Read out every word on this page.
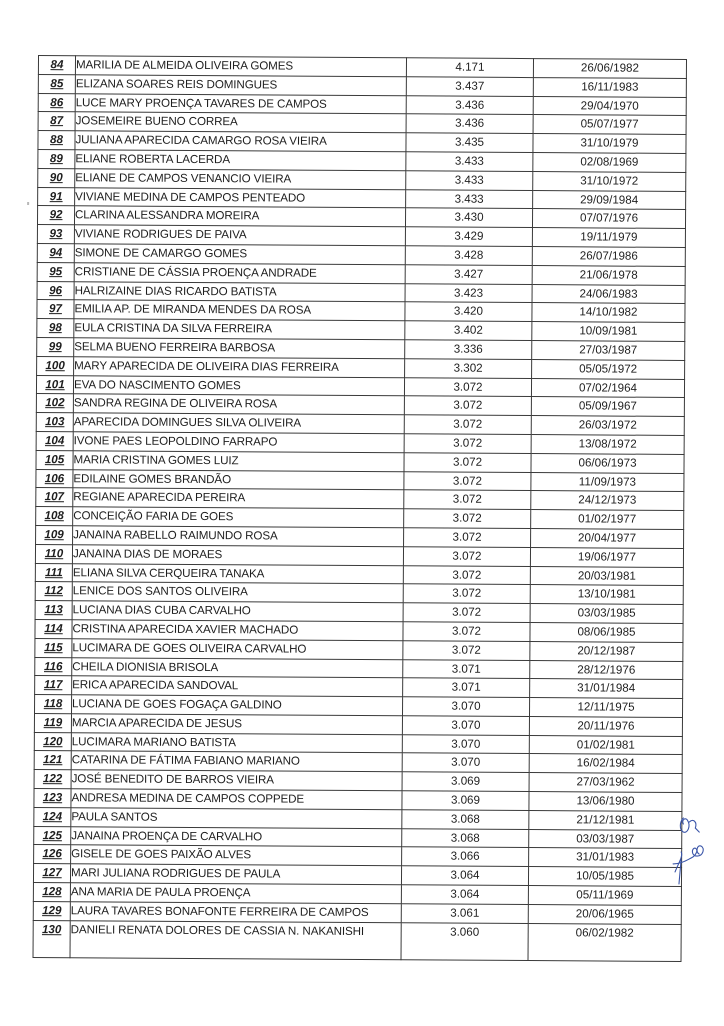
84	MARILIA DE ALMEIDA OLIVEIRA GOMES	4.171	26/06/1982
85	ELIZANA SOARES REIS DOMINGUES	3.437	16/11/1983
86	LUCE MARY PROENÇA TAVARES DE CAMPOS	3.436	29/04/1970
87	JOSEMEIRE BUENO CORREA	3.436	05/07/1977
88	JULIANA APARECIDA CAMARGO ROSA VIEIRA	3.435	31/10/1979
89	ELIANE ROBERTA LACERDA	3.433	02/08/1969
90	ELIANE DE CAMPOS VENANCIO VIEIRA	3.433	31/10/1972
91	VIVIANE MEDINA DE CAMPOS PENTEADO	3.433	29/09/1984
92	CLARINA ALESSANDRA MOREIRA	3.430	07/07/1976
93	VIVIANE RODRIGUES DE PAIVA	3.429	19/11/1979
94	SIMONE DE CAMARGO GOMES	3.428	26/07/1986
95	CRISTIANE DE CÁSSIA PROENÇA ANDRADE	3.427	21/06/1978
96	HALRIZAINE DIAS RICARDO BATISTA	3.423	24/06/1983
97	EMILIA AP. DE MIRANDA MENDES DA ROSA	3.420	14/10/1982
98	EULA CRISTINA DA SILVA FERREIRA	3.402	10/09/1981
99	SELMA BUENO FERREIRA BARBOSA	3.336	27/03/1987
100	MARY APARECIDA DE OLIVEIRA DIAS FERREIRA	3.302	05/05/1972
101	EVA DO NASCIMENTO GOMES	3.072	07/02/1964
102	SANDRA REGINA DE OLIVEIRA ROSA	3.072	05/09/1967
103	APARECIDA DOMINGUES SILVA OLIVEIRA	3.072	26/03/1972
104	IVONE PAES LEOPOLDINO FARRAPO	3.072	13/08/1972
105	MARIA CRISTINA GOMES LUIZ	3.072	06/06/1973
106	EDILAINE GOMES BRANDÃO	3.072	11/09/1973
107	REGIANE APARECIDA PEREIRA	3.072	24/12/1973
108	CONCEIÇÃO FARIA DE GOES	3.072	01/02/1977
109	JANAINA RABELLO RAIMUNDO ROSA	3.072	20/04/1977
110	JANAINA DIAS DE MORAES	3.072	19/06/1977
111	ELIANA SILVA CERQUEIRA TANAKA	3.072	20/03/1981
112	LENICE DOS SANTOS OLIVEIRA	3.072	13/10/1981
113	LUCIANA DIAS CUBA CARVALHO	3.072	03/03/1985
114	CRISTINA APARECIDA XAVIER MACHADO	3.072	08/06/1985
115	LUCIMARA DE GOES OLIVEIRA CARVALHO	3.072	20/12/1987
116	CHEILA DIONISIA BRISOLA	3.071	28/12/1976
117	ERICA APARECIDA SANDOVAL	3.071	31/01/1984
118	LUCIANA DE GOES FOGAÇA GALDINO	3.070	12/11/1975
119	MARCIA APARECIDA DE JESUS	3.070	20/11/1976
120	LUCIMARA MARIANO BATISTA	3.070	01/02/1981
121	CATARINA DE FÁTIMA FABIANO MARIANO	3.070	16/02/1984
122	JOSÉ BENEDITO DE BARROS VIEIRA	3.069	27/03/1962
123	ANDRESA MEDINA DE CAMPOS COPPEDE	3.069	13/06/1980
124	PAULA SANTOS	3.068	21/12/1981
125	JANAINA PROENÇA DE CARVALHO	3.068	03/03/1987
126	GISELE DE GOES PAIXÃO ALVES	3.066	31/01/1983
127	MARI JULIANA RODRIGUES DE PAULA	3.064	10/05/1985
128	ANA MARIA DE PAULA PROENÇA	3.064	05/11/1969
129	LAURA TAVARES BONAFONTE FERREIRA DE CAMPOS	3.061	20/06/1965
130	DANIELI RENATA DOLORES DE CASSIA N. NAKANISHI	3.060	06/02/1982
